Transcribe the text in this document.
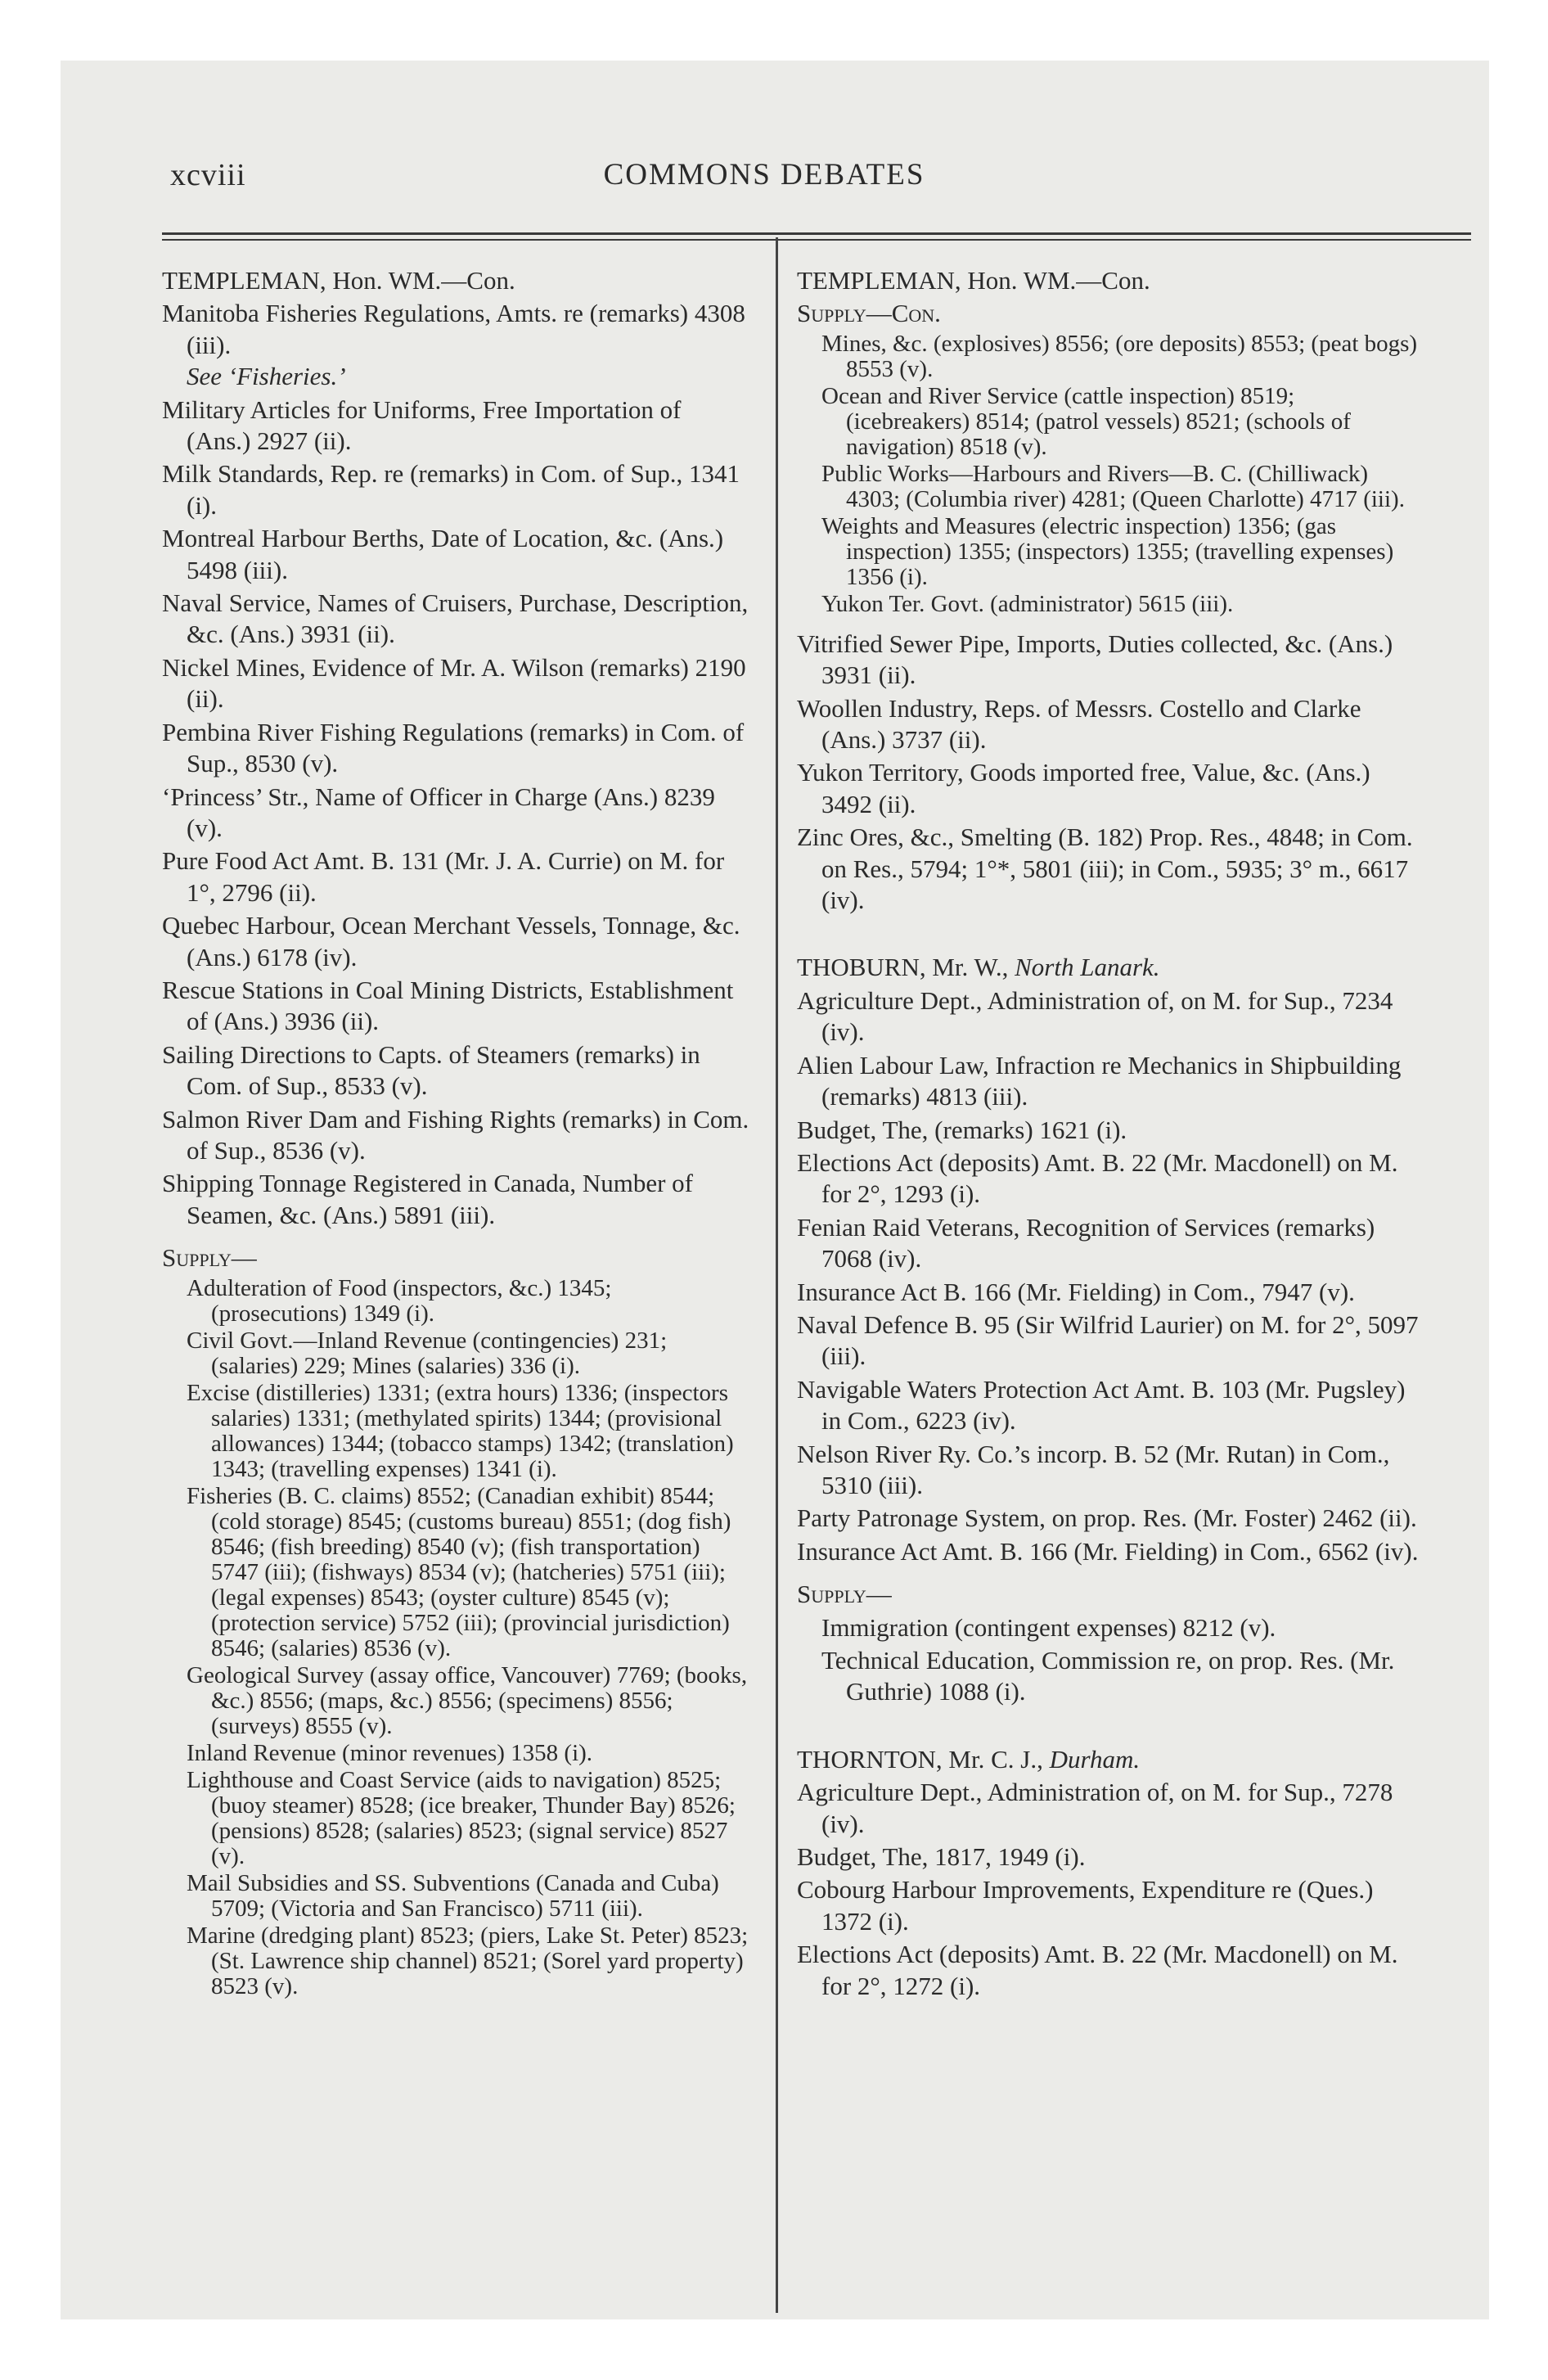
xcviii	COMMONS DEBATES
TEMPLEMAN, Hon. WM.—Con.
Manitoba Fisheries Regulations, Amts. re (remarks) 4308 (iii).
See ‘Fisheries.’
Military Articles for Uniforms, Free Importation of (Ans.) 2927 (ii).
Milk Standards, Rep. re (remarks) in Com. of Sup., 1341 (i).
Montreal Harbour Berths, Date of Location, &c. (Ans.) 5498 (iii).
Naval Service, Names of Cruisers, Purchase, Description, &c. (Ans.) 3931 (ii).
Nickel Mines, Evidence of Mr. A. Wilson (remarks) 2190 (ii).
Pembina River Fishing Regulations (remarks) in Com. of Sup., 8530 (v).
‘Princess’ Str., Name of Officer in Charge (Ans.) 8239 (v).
Pure Food Act Amt. B. 131 (Mr. J. A. Currie) on M. for 1°, 2796 (ii).
Quebec Harbour, Ocean Merchant Vessels, Tonnage, &c. (Ans.) 6178 (iv).
Rescue Stations in Coal Mining Districts, Establishment of (Ans.) 3936 (ii).
Sailing Directions to Capts. of Steamers (remarks) in Com. of Sup., 8533 (v).
Salmon River Dam and Fishing Rights (remarks) in Com. of Sup., 8536 (v).
Shipping Tonnage Registered in Canada, Number of Seamen, &c. (Ans.) 5891 (iii).
Supply—
Adulteration of Food (inspectors, &c.) 1345; (prosecutions) 1349 (i).
Civil Govt.—Inland Revenue (contingencies) 231; (salaries) 229; Mines (salaries) 336 (i).
Excise (distilleries) 1331; (extra hours) 1336; (inspectors salaries) 1331; (methylated spirits) 1344; (provisional allowances) 1344; (tobacco stamps) 1342; (translation) 1343; (travelling expenses) 1341 (i).
Fisheries (B. C. claims) 8552; (Canadian exhibit) 8544; (cold storage) 8545; (customs bureau) 8551; (dog fish) 8546; (fish breeding) 8540 (v); (fish transportation) 5747 (iii); (fishways) 8534 (v); (hatcheries) 5751 (iii); (legal expenses) 8543; (oyster culture) 8545 (v); (protection service) 5752 (iii); (provincial jurisdiction) 8546; (salaries) 8536 (v).
Geological Survey (assay office, Vancouver) 7769; (books, &c.) 8556; (maps, &c.) 8556; (specimens) 8556; (surveys) 8555 (v).
Inland Revenue (minor revenues) 1358 (i).
Lighthouse and Coast Service (aids to navigation) 8525; (buoy steamer) 8528; (ice breaker, Thunder Bay) 8526; (pensions) 8528; (salaries) 8523; (signal service) 8527 (v).
Mail Subsidies and SS. Subventions (Canada and Cuba) 5709; (Victoria and San Francisco) 5711 (iii).
Marine (dredging plant) 8523; (piers, Lake St. Peter) 8523; (St. Lawrence ship channel) 8521; (Sorel yard property) 8523 (v).
TEMPLEMAN, Hon. WM.—Con.
Supply—Con.
Mines, &c. (explosives) 8556; (ore deposits) 8553; (peat bogs) 8553 (v).
Ocean and River Service (cattle inspection) 8519; (icebreakers) 8514; (patrol vessels) 8521; (schools of navigation) 8518 (v).
Public Works—Harbours and Rivers—B. C. (Chilliwack) 4303; (Columbia river) 4281; (Queen Charlotte) 4717 (iii).
Weights and Measures (electric inspection) 1356; (gas inspection) 1355; (inspectors) 1355; (travelling expenses) 1356 (i).
Yukon Ter. Govt. (administrator) 5615 (iii).
Vitrified Sewer Pipe, Imports, Duties collected, &c. (Ans.) 3931 (ii).
Woollen Industry, Reps. of Messrs. Costello and Clarke (Ans.) 3737 (ii).
Yukon Territory, Goods imported free, Value, &c. (Ans.) 3492 (ii).
Zinc Ores, &c., Smelting (B. 182) Prop. Res., 4848; in Com. on Res., 5794; 1°*, 5801 (iii); in Com., 5935; 3° m., 6617 (iv).
THOBURN, Mr. W., North Lanark.
Agriculture Dept., Administration of, on M. for Sup., 7234 (iv).
Alien Labour Law, Infraction re Mechanics in Shipbuilding (remarks) 4813 (iii).
Budget, The, (remarks) 1621 (i).
Elections Act (deposits) Amt. B. 22 (Mr. Macdonell) on M. for 2°, 1293 (i).
Fenian Raid Veterans, Recognition of Services (remarks) 7068 (iv).
Insurance Act B. 166 (Mr. Fielding) in Com., 7947 (v).
Naval Defence B. 95 (Sir Wilfrid Laurier) on M. for 2°, 5097 (iii).
Navigable Waters Protection Act Amt. B. 103 (Mr. Pugsley) in Com., 6223 (iv).
Nelson River Ry. Co.’s incorp. B. 52 (Mr. Rutan) in Com., 5310 (iii).
Party Patronage System, on prop. Res. (Mr. Foster) 2462 (ii).
Insurance Act Amt. B. 166 (Mr. Fielding) in Com., 6562 (iv).
Supply—
Immigration (contingent expenses) 8212 (v).
Technical Education, Commission re, on prop. Res. (Mr. Guthrie) 1088 (i).
THORNTON, Mr. C. J., Durham.
Agriculture Dept., Administration of, on M. for Sup., 7278 (iv).
Budget, The, 1817, 1949 (i).
Cobourg Harbour Improvements, Expenditure re (Ques.) 1372 (i).
Elections Act (deposits) Amt. B. 22 (Mr. Macdonell) on M. for 2°, 1272 (i).
